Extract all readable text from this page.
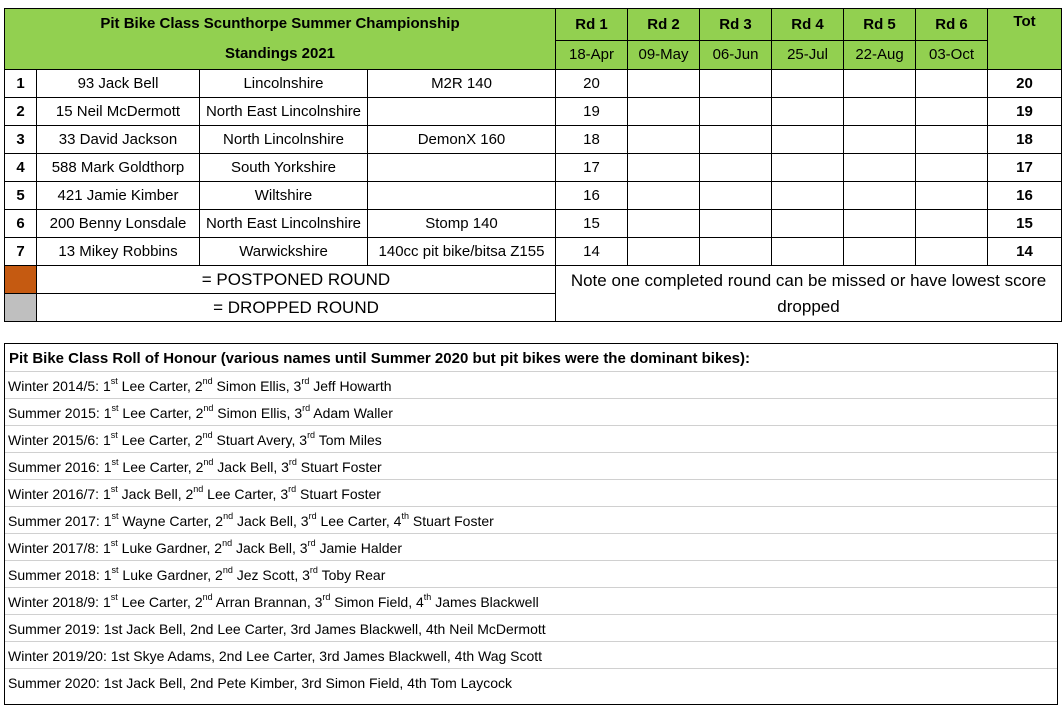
Pit Bike Class Scunthorpe Summer Championship
Standings 2021				Rd 1	Rd 2	Rd 3	Rd 4	Rd 5	Rd 6	Tot
				18-Apr	09-May	06-Jun	25-Jul	22-Aug	03-Oct	
1	93 Jack Bell	Lincolnshire	M2R 140	20						20
2	15 Neil McDermott	North East Lincolnshire		19						19
3	33 David Jackson	North Lincolnshire	DemonX 160	18						18
4	588 Mark Goldthorp	South Yorkshire		17						17
5	421 Jamie Kimber	Wiltshire		16						16
6	200 Benny Lonsdale	North East Lincolnshire	Stomp 140	15						15
7	13 Mikey Robbins	Warwickshire	140cc pit bike/bitsa Z155	14						14
	= POSTPONED ROUND			Note one completed round can be missed or have lowest score dropped						
	= DROPPED ROUND									
Pit Bike Class Roll of Honour (various names until Summer 2020 but pit bikes were the dominant bikes):
Winter 2014/5: 1st Lee Carter, 2nd Simon Ellis, 3rd Jeff Howarth
Summer 2015: 1st Lee Carter, 2nd Simon Ellis, 3rd Adam Waller
Winter 2015/6: 1st Lee Carter, 2nd Stuart Avery, 3rd Tom Miles
Summer 2016: 1st Lee Carter, 2nd Jack Bell, 3rd Stuart Foster
Winter 2016/7: 1st Jack Bell, 2nd Lee Carter, 3rd Stuart Foster
Summer 2017: 1st Wayne Carter, 2nd Jack Bell, 3rd Lee Carter, 4th Stuart Foster
Winter 2017/8: 1st Luke Gardner, 2nd Jack Bell, 3rd Jamie Halder
Summer 2018: 1st Luke Gardner, 2nd Jez Scott, 3rd Toby Rear
Winter 2018/9: 1st Lee Carter, 2nd Arran Brannan, 3rd Simon Field, 4th James Blackwell
Summer 2019: 1st Jack Bell, 2nd Lee Carter, 3rd James Blackwell, 4th Neil McDermott
Winter 2019/20: 1st Skye Adams, 2nd Lee Carter, 3rd James Blackwell, 4th Wag Scott
Summer 2020: 1st Jack Bell, 2nd Pete Kimber, 3rd Simon Field, 4th Tom Laycock
